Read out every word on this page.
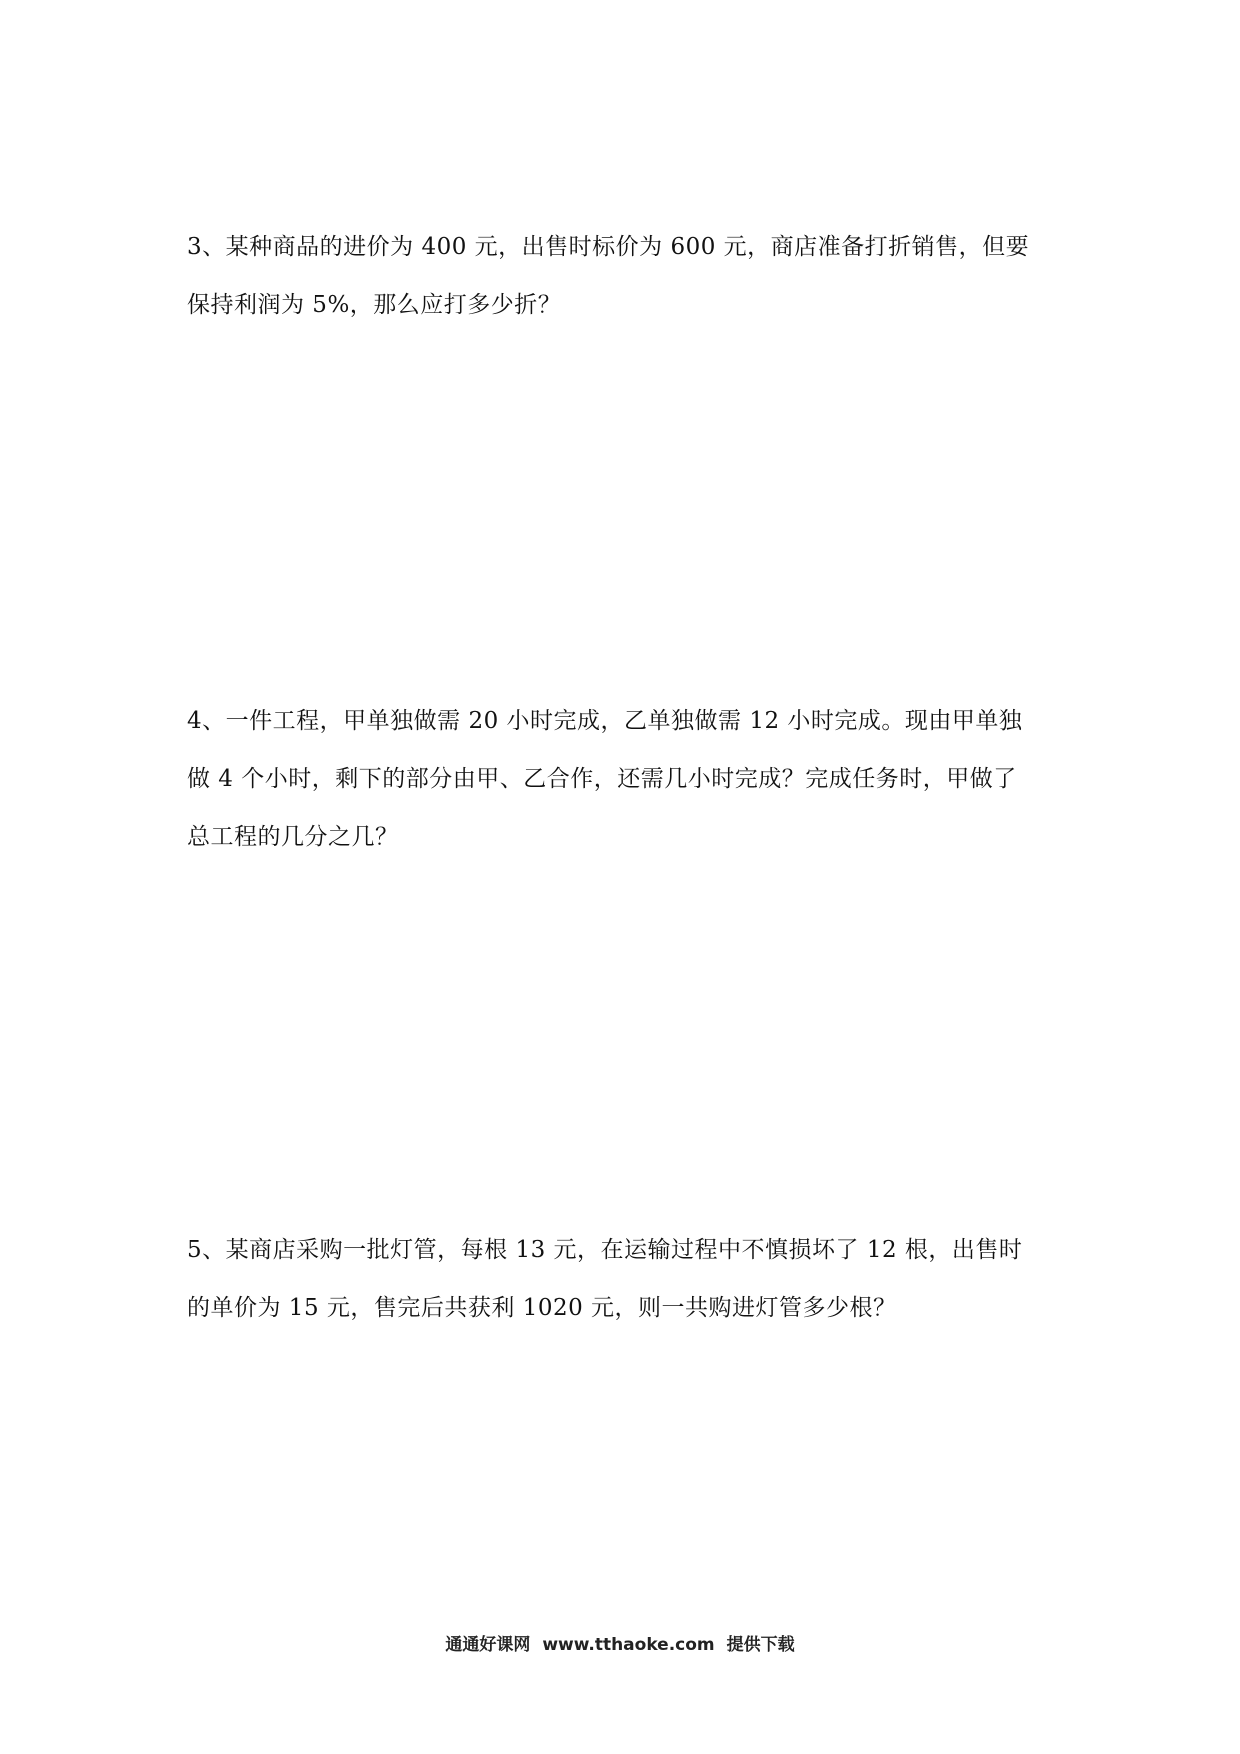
3、某种商品的进价为 400 元，出售时标价为 600 元，商店准备打折销售，但要
保持利润为 5%，那么应打多少折？
4、一件工程，甲单独做需 20 小时完成，乙单独做需 12 小时完成。现由甲单独
做 4 个小时，剩下的部分由甲、乙合作，还需几小时完成？完成任务时，甲做了
总工程的几分之几？
5、某商店采购一批灯管，每根 13 元，在运输过程中不慎损坏了 12 根，出售时
的单价为 15 元，售完后共获利 1020 元，则一共购进灯管多少根？
通通好课网 www.tthaoke.com 提供下载
